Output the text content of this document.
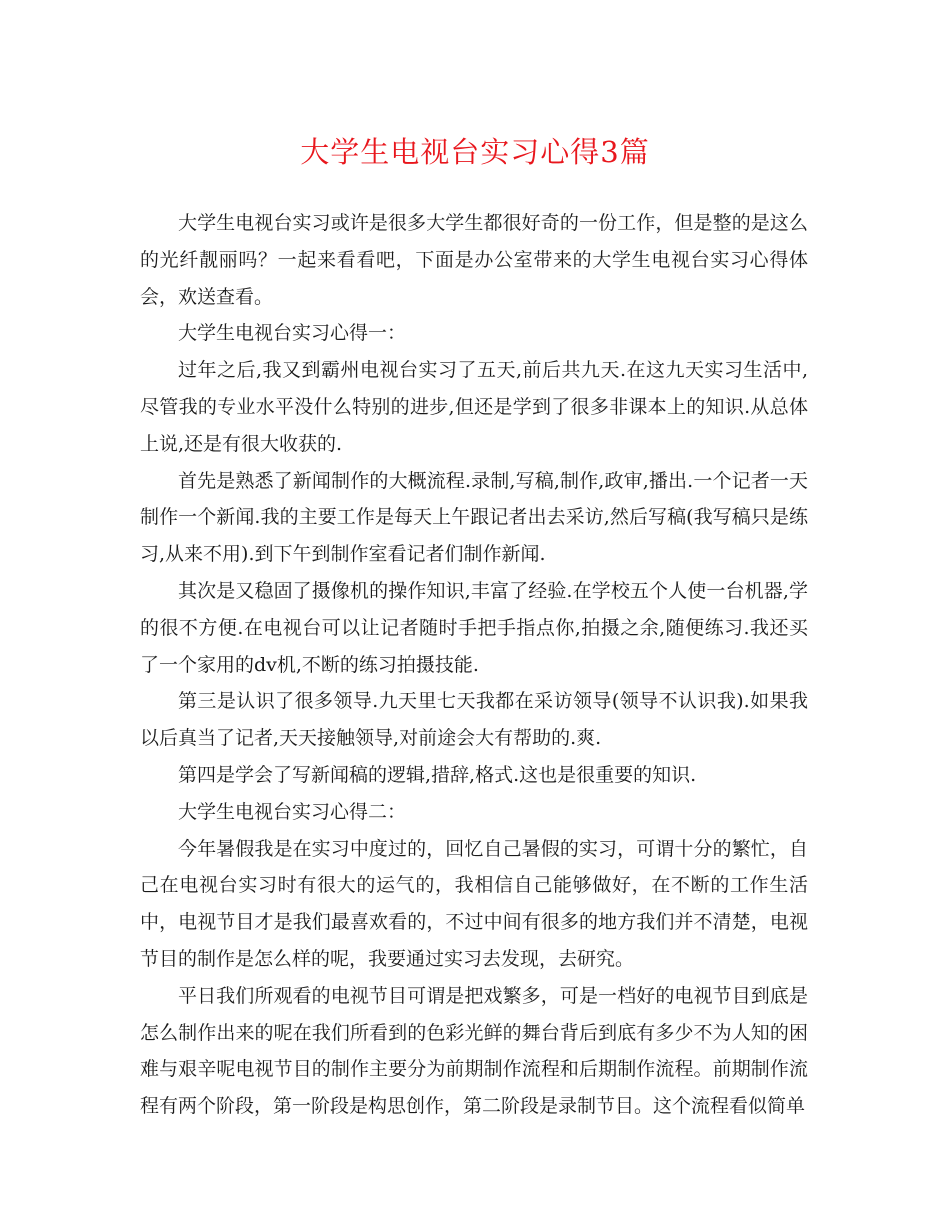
大学生电视台实习心得3篇

大学生电视台实习或许是很多大学生都很好奇的一份工作，但是整的是这么的光纤靓丽吗？一起来看看吧，下面是办公室带来的大学生电视台实习心得体会，欢送查看。

大学生电视台实习心得一：

过年之后,我又到霸州电视台实习了五天,前后共九天.在这九天实习生活中,尽管我的专业水平没什么特别的进步,但还是学到了很多非课本上的知识.从总体上说,还是有很大收获的.

首先是熟悉了新闻制作的大概流程.录制,写稿,制作,政审,播出.一个记者一天制作一个新闻.我的主要工作是每天上午跟记者出去采访,然后写稿(我写稿只是练习,从来不用).到下午到制作室看记者们制作新闻.

其次是又稳固了摄像机的操作知识,丰富了经验.在学校五个人使一台机器,学的很不方便.在电视台可以让记者随时手把手指点你,拍摄之余,随便练习.我还买了一个家用的dv机,不断的练习拍摄技能.

第三是认识了很多领导.九天里七天我都在采访领导(领导不认识我).如果我以后真当了记者,天天接触领导,对前途会大有帮助的.爽.

第四是学会了写新闻稿的逻辑,措辞,格式.这也是很重要的知识.

大学生电视台实习心得二：

今年暑假我是在实习中度过的，回忆自己暑假的实习，可谓十分的繁忙，自己在电视台实习时有很大的运气的，我相信自己能够做好，在不断的工作生活中，电视节目才是我们最喜欢看的，不过中间有很多的地方我们并不清楚，电视节目的制作是怎么样的呢，我要通过实习去发现，去研究。

平日我们所观看的电视节目可谓是把戏繁多，可是一档好的电视节目到底是怎么制作出来的呢在我们所看到的色彩光鲜的舞台背后到底有多少不为人知的困难与艰辛呢电视节目的制作主要分为前期制作流程和后期制作流程。前期制作流程有两个阶段，第一阶段是构思创作，第二阶段是录制节目。这个流程看似简单
